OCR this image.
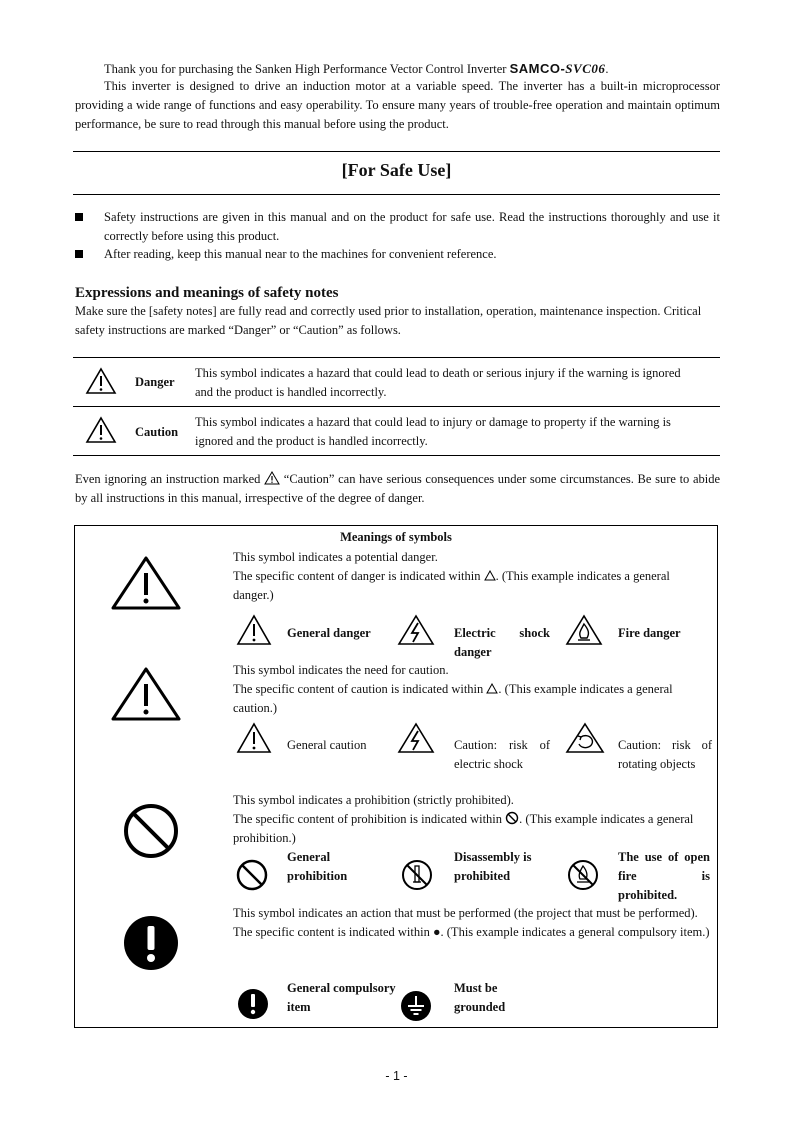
Thank you for purchasing the Sanken High Performance Vector Control Inverter SAMCO-SVC06.
This inverter is designed to drive an induction motor at a variable speed. The inverter has a built-in microprocessor providing a wide range of functions and easy operability. To ensure many years of trouble-free operation and maintain optimum performance, be sure to read through this manual before using the product.
[For Safe Use]
Safety instructions are given in this manual and on the product for safe use. Read the instructions thoroughly and use it correctly before using this product.
After reading, keep this manual near to the machines for convenient reference.
Expressions and meanings of safety notes
Make sure the [safety notes] are fully read and correctly used prior to installation, operation, maintenance inspection. Critical safety instructions are marked “Danger” or “Caution” as follows.
Danger
This symbol indicates a hazard that could lead to death or serious injury if the warning is ignored and the product is handled incorrectly.
Caution
This symbol indicates a hazard that could lead to injury or damage to property if the warning is ignored and the product is handled incorrectly.
Even ignoring an instruction marked “Caution” can have serious consequences under some circumstances. Be sure to abide by all instructions in this manual, irrespective of the degree of danger.
Meanings of symbols
This symbol indicates a potential danger.
The specific content of danger is indicated within . (This example indicates a general danger.)
General danger	Electric shock danger
Fire danger
This symbol indicates the need for caution.
The specific content of caution is indicated within . (This example indicates a general caution.)
General caution	Caution: risk of electric shock
Caution: risk of rotating objects
This symbol indicates a prohibition (strictly prohibited).
The specific content of prohibition is indicated within . (This example indicates a general prohibition.)
General prohibition
Disassembly is prohibited
The use of open fire is prohibited.
This symbol indicates an action that must be performed (the project that must be performed).
The specific content is indicated within ●. (This example indicates a general compulsory item.)
General compulsory item
Must be grounded
- 1 -
